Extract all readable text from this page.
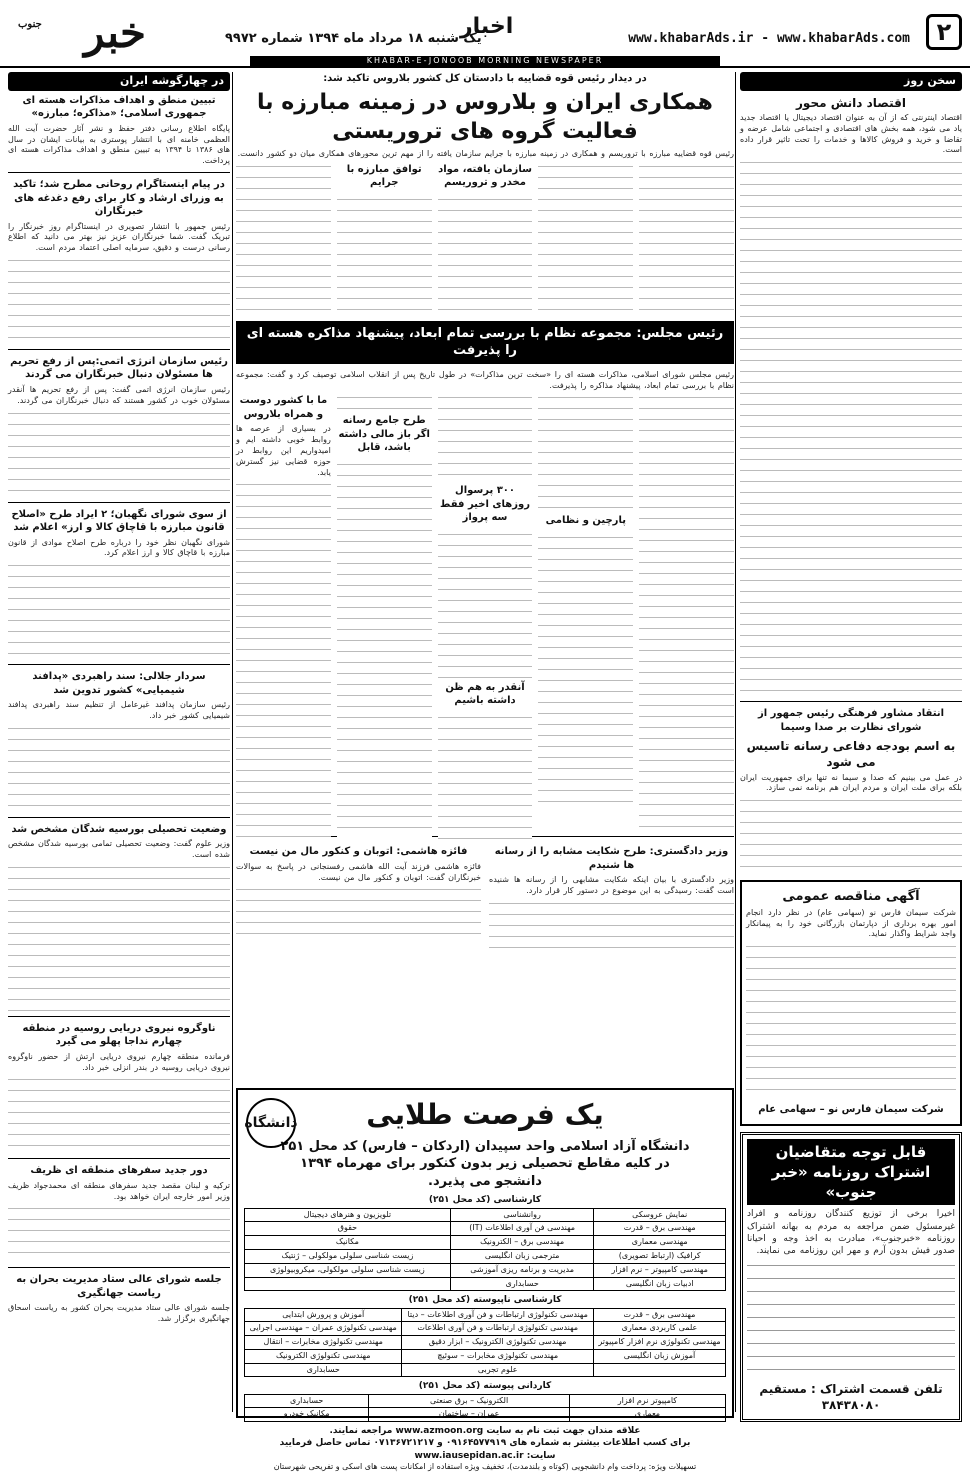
خبر
جنوب
یک شنبه ۱۸ مرداد ماه ۱۳۹۴ شماره ۹۹۷۲
اخبار	www.khabarAds.ir - www.khabarAds.com	۲
KHABAR-E-JONOOB MORNING NEWSPAPER
سخن روز
اقتصاد دانش محور
اقتصاد اینترنتی که از آن به عنوان اقتصاد دیجیتال یا اقتصاد جدید یاد می شود، همه بخش های اقتصادی و اجتماعی شامل عرضه و تقاضا و خرید و فروش کالاها و خدمات را تحت تاثیر قرار داده است.
انتقاد مشاور فرهنگی رئیس جمهور از شورای نظارت بر صدا وسیما
به اسم بودجه دفاعی رسانه تاسیس می شود
در عمل می بینیم که صدا و سیما نه تنها برای جمهوریت ایران بلکه برای ملت ایران و مردم ایران هم برنامه نمی سازد.
آگهی مناقصه عمومی
شرکت سیمان فارس نو (سهامی عام) در نظر دارد انجام امور بهره برداری از دپارتمان بازرگانی خود را به پیمانکار واجد شرایط واگذار نماید.
شرکت سیمان فارس نو – سهامی عام
قابل توجه متقاضیان اشتراک روزنامه «خبر جنوب»
اخیرا برخی از توزیع کنندگان روزنامه و افراد غیرمسئول ضمن مراجعه به مردم به بهانه اشتراک روزنامه «خبرجنوب»، مبادرت به اخذ وجه و احیانا صدور فیش بدون آرم و مهر این روزنامه می نمایند.
تلفن قسمت اشتراک : مستقیم ۳۸۴۳۸۰۸۰
در چهارگوشه ایران
تبیین منطق و اهداف مذاکرات هسته ای جمهوری اسلامی؛ «مذاکره؛ مبارزه»
پایگاه اطلاع رسانی دفتر حفظ و نشر آثار حضرت آیت الله العظمی خامنه ای با انتشار پوستری به بیانات ایشان در سال های ۱۳۸۶ تا ۱۳۹۴ به تبیین منطق و اهداف مذاکرات هسته ای پرداخت.
در پیام اینستاگرام روحانی مطرح شد؛ تاکید به وزرای ارشاد و کار برای رفع دغدغه های خبرنگاران
رئیس جمهور با انتشار تصویری در اینستاگرام روز خبرنگار را تبریک گفت. شما خبرنگاران عزیز نیز بهتر می دانید که اطلاع رسانی درست و دقیق، سرمایه اصلی اعتماد مردم است.
رئیس سازمان انرژی اتمی:پس از رفع تحریم ها مسئولان دنبال خبرنگاران می گردند
رئیس سازمان انرژی اتمی گفت: پس از رفع تحریم ها آنقدر مسئولان خوب در کشور هستند که دنبال خبرنگاران می گردند.
از سوی شورای نگهبان؛ ۲ ایراد طرح «اصلاح قانون مبارزه با قاچاق کالا و ارز» اعلام شد
شورای نگهبان نظر خود را درباره طرح اصلاح موادی از قانون مبارزه با قاچاق کالا و ارز اعلام کرد.
سردار جلالی: سند راهبردی «پدافند شیمیایی» کشور تدوین شد
رئیس سازمان پدافند غیرعامل از تنظیم سند راهبردی پدافند شیمیایی کشور خبر داد.
وضعیت تحصیلی بورسیه شدگان مشخص شد
وزیر علوم گفت: وضعیت تحصیلی تمامی بورسیه شدگان مشخص شده است.
ناوگروه نیروی دریایی روسیه در منطقه چهارم نداجا پهلو می گیرد
فرمانده منطقه چهارم نیروی دریایی ارتش از حضور ناوگروه نیروی دریایی روسیه در بندر انزلی خبر داد.
دور جدید سفرهای منطقه ای ظریف
ترکیه و لبنان مقصد جدید سفرهای منطقه ای محمدجواد ظریف وزیر امور خارجه ایران خواهد بود.
جلسه شورای عالی ستاد مدیریت بحران به ریاست جهانگیری
جلسه شورای عالی ستاد مدیریت بحران کشور به ریاست اسحاق جهانگیری برگزار شد.
در دیدار رئیس قوه قضاییه با دادستان کل کشور بلاروس تاکید شد:
همکاری ایران و بلاروس در زمینه مبارزه با فعالیت گروه های تروریستی
رئیس قوه قضاییه مبارزه با تروریسم و همکاری در زمینه مبارزه با جرایم سازمان یافته را از مهم ترین محورهای همکاری میان دو کشور دانست.
سازمان یافته، مواد مخدر و تروریسم
توافق مبارزه با جرایم
رئیس مجلس: مجموعه نظام با بررسی تمام ابعاد، پیشنهاد مذاکره هسته ای را پذیرفت
رئیس مجلس شورای اسلامی، مذاکرات هسته ای را «سخت ترین مذاکرات» در طول تاریخ پس از انقلاب اسلامی توصیف کرد و گفت: مجموعه نظام با بررسی تمام ابعاد، پیشنهاد مذاکره را پذیرفت.
پارچین و نظامی
۳۰۰ پرسوال روزهای اخیر فقط سه پرواز
آنقدر به هم ظن داشته باشیم
طرح جامع رسانه اگر باز مالی داشته باشد، قابل
ما با کشور دوست و همراه بلاروس
در بسیاری از عرصه ها روابط خوبی داشته ایم و امیدواریم این روابط در حوزه قضایی نیز گسترش یابد.
وزیر دادگستری: طرح شکایت مشابه را از رسانه ها شنیدم
وزیر دادگستری با بیان اینکه شکایت مشابهی را از رسانه ها شنیده است گفت: رسیدگی به این موضوع در دستور کار قرار دارد.
فائزه هاشمی: اتوبان و کنکور مال من نیست
فائزه هاشمی فرزند آیت الله هاشمی رفسنجانی در پاسخ به سوالات خبرنگاران گفت: اتوبان و کنکور مال من نیست.
دانشگاه	یک فرصت طلایی
دانشگاه آزاد اسلامی واحد سپیدان (اردکان – فارس) کد محل ۲۵۱ در کلیه مقاطع تحصیلی زیر بدون کنکور برای مهرماه ۱۳۹۴ دانشجو می پذیرد.
کارشناسی (کد محل ۲۵۱)
نمایش عروسکی	روانشناسی	تلویزیون و هنرهای دیجیتال
مهندسی برق – قدرت	مهندسی فن آوری اطلاعات (IT)	حقوق
مهندسی معماری	مهندسی برق – الکترونیک	مکانیک
کرافیک (ارتباط تصویری)	مترجمی زبان انگلیسی	زیست شناسی سلولی مولکولی – ژنتیک
مهندسی کامپیوتر – نرم افزار	مدیریت و برنامه ریزی آموزشی	زیست شناسی سلولی مولکولی، میکروبیولوژی
ادبیات زبان انگلیسی	حسابداری	
کارشناسی ناپیوسته (کد محل ۲۵۱)
مهندسی برق – قدرت	مهندسی تکنولوژی ارتباطات و فن آوری اطلاعات – دیتا	آموزش و پرورش ابتدایی
علمی کاربردی معماری	مهندسی تکنولوژی ارتباطات و فن آوری اطلاعات	مهندسی تکنولوژی عمران – مهندسی اجرایی
مهندسی تکنولوژی نرم افزار کامپیوتر	مهندسی تکنولوژی الکترونیک – ابزار دقیق	مهندسی تکنولوژی مخابرات – انتقال
آموزش زبان انگلیسی	مهندسی تکنولوژی مخابرات – سوئیچ	مهندسی تکنولوژی الکترونیک
	علوم تجربی	حسابداری
کاردانی پیوسته (کد محل ۲۵۱)
کامپیوتر نرم افزار	الکترونیک – برق صنعتی	حسابداری
معماری	عمران – ساختمان	مکانیک خودرو
علاقه مندان جهت ثبت نام به سایت www.azmoon.org مراجعه نمایند.
برای کسب اطلاعات بیشتر به شماره های ۰۹۱۶۴۵۷۷۹۱۹ و ۰۷۱۳۶۷۲۱۲۱۷ تماس حاصل فرمایید
سایت: www.iausepidan.ac.ir
تسهیلات ویژه: پرداخت وام دانشجویی (کوتاه و بلندمدت)، تخفیف ویژه استفاده از امکانات پست های اسکی و تفریحی شهرستان
